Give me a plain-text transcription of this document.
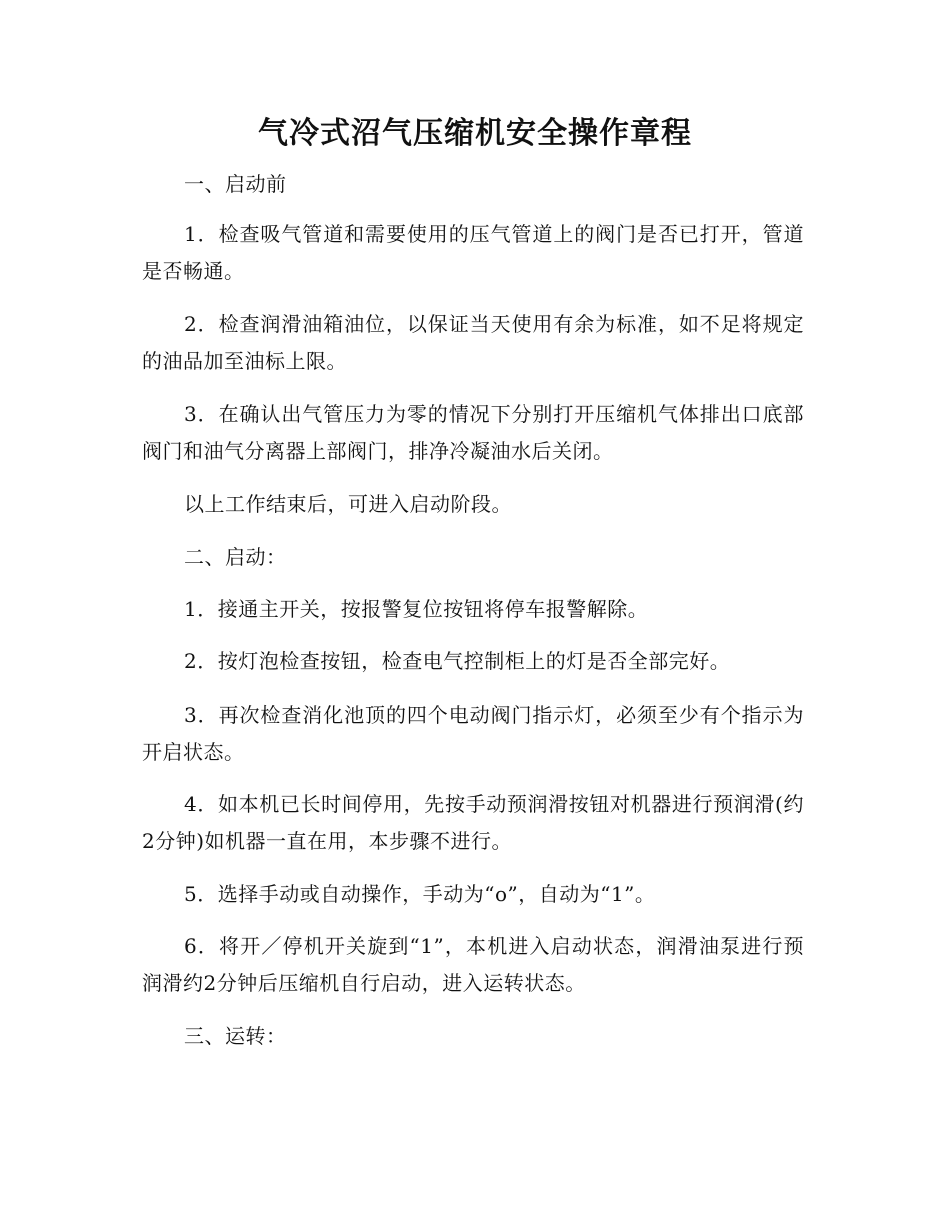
气冷式沼气压缩机安全操作章程

一、启动前

1．检查吸气管道和需要使用的压气管道上的阀门是否已打开，管道是否畅通。

2．检查润滑油箱油位，以保证当天使用有余为标准，如不足将规定的油品加至油标上限。

3．在确认出气管压力为零的情况下分别打开压缩机气体排出口底部阀门和油气分离器上部阀门，排净冷凝油水后关闭。

以上工作结束后，可进入启动阶段。

二、启动：

1．接通主开关，按报警复位按钮将停车报警解除。

2．按灯泡检查按钮，检查电气控制柜上的灯是否全部完好。

3．再次检查消化池顶的四个电动阀门指示灯，必须至少有个指示为开启状态。

4．如本机已长时间停用，先按手动预润滑按钮对机器进行预润滑(约2分钟)如机器一直在用，本步骤不进行。

5．选择手动或自动操作，手动为“o”，自动为“1”。

6．将开／停机开关旋到“1”，本机进入启动状态，润滑油泵进行预润滑约2分钟后压缩机自行启动，进入运转状态。

三、运转：
